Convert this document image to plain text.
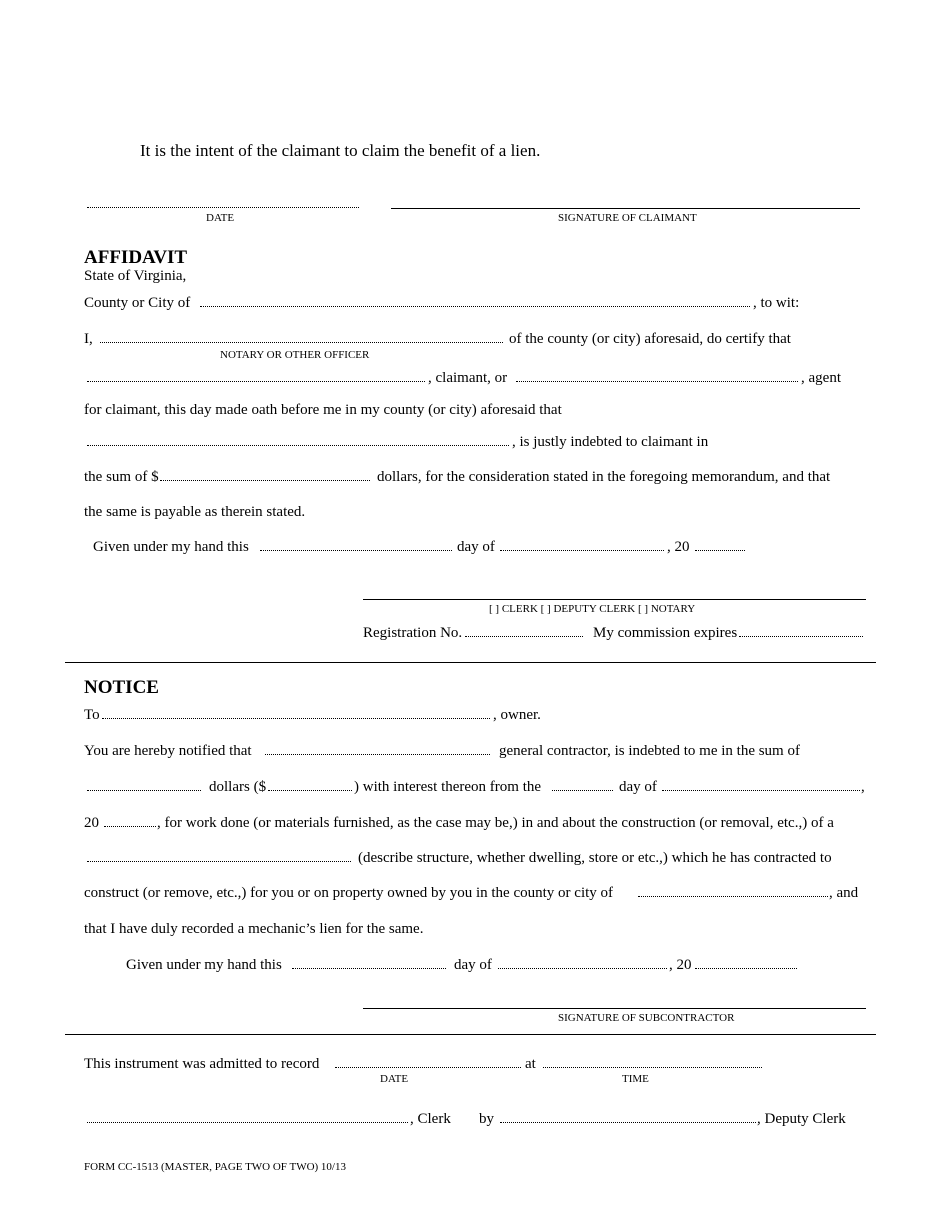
It is the intent of the claimant to claim the benefit of a lien.
DATE	SIGNATURE OF CLAIMANT
AFFIDAVIT
State of Virginia,
County or City of	, to wit:
I,	of the county (or city) aforesaid, do certify that
NOTARY OR OTHER OFFICER
, claimant, or	, agent
for claimant, this day made oath before me in my county (or city) aforesaid that
, is justly indebted to claimant in
the sum of $	dollars, for the consideration stated in the foregoing memorandum, and that
the same is payable as therein stated.
Given under my hand this	day of	, 20
[ ] CLERK [ ] DEPUTY CLERK [ ] NOTARY
Registration No.	My commission expires
NOTICE
To	, owner.
You are hereby notified that	general contractor, is indebted to me in the sum of
dollars ($	) with interest thereon from the	day of	,
20	, for work done (or materials furnished, as the case may be,) in and about the construction (or removal, etc.,) of a
(describe structure, whether dwelling, store or etc.,) which he has contracted to
construct (or remove, etc.,) for you or on property owned by you in the county or city of	, and
that I have duly recorded a mechanic’s lien for the same.
Given under my hand this	day of	, 20
SIGNATURE OF SUBCONTRACTOR
This instrument was admitted to record	at
DATE	TIME
, Clerk by	, Deputy Clerk
FORM CC-1513 (MASTER, PAGE TWO OF TWO) 10/13
